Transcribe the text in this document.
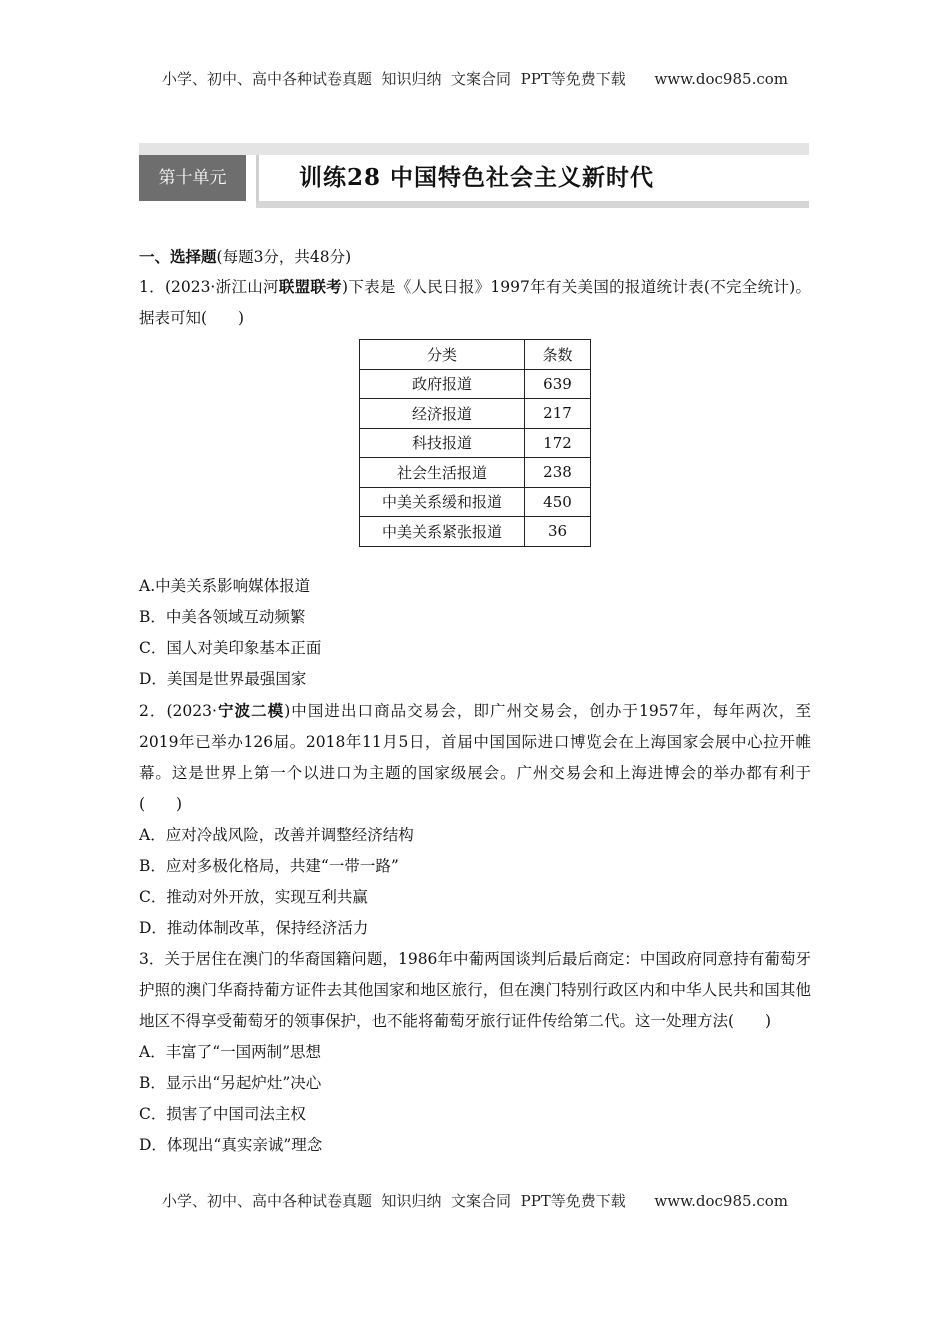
小学、初中、高中各种试卷真题  知识归纳  文案合同  PPT等免费下载      www.doc985.com
第十单元	训练28 中国特色社会主义新时代
一、选择题(每题3分，共48分)

1．(2023·浙江山河联盟联考)下表是《人民日报》1997年有关美国的报道统计表(不完全统计)。据表可知(　　)

分类	条数
政府报道	639
经济报道	217
科技报道	172
社会生活报道	238
中美关系缓和报道	450
中美关系紧张报道	36
A.中美关系影响媒体报道
B．中美各领域互动频繁
C．国人对美印象基本正面
D．美国是世界最强国家

2．(2023·宁波二模)中国进出口商品交易会，即广州交易会，创办于1957年，每年两次，至2019年已举办126届。2018年11月5日，首届中国国际进口博览会在上海国家会展中心拉开帷幕。这是世界上第一个以进口为主题的国家级展会。广州交易会和上海进博会的举办都有利于(　　)

A．应对冷战风险，改善并调整经济结构
B．应对多极化格局，共建“一带一路”
C．推动对外开放，实现互利共赢
D．推动体制改革，保持经济活力

3．关于居住在澳门的华裔国籍问题，1986年中葡两国谈判后最后商定：中国政府同意持有葡萄牙护照的澳门华裔持葡方证件去其他国家和地区旅行，但在澳门特别行政区内和中华人民共和国其他地区不得享受葡萄牙的领事保护，也不能将葡萄牙旅行证件传给第二代。这一处理方法(　　)

A．丰富了“一国两制”思想
B．显示出“另起炉灶”决心
C．损害了中国司法主权
D．体现出“真实亲诚”理念
小学、初中、高中各种试卷真题  知识归纳  文案合同  PPT等免费下载      www.doc985.com
